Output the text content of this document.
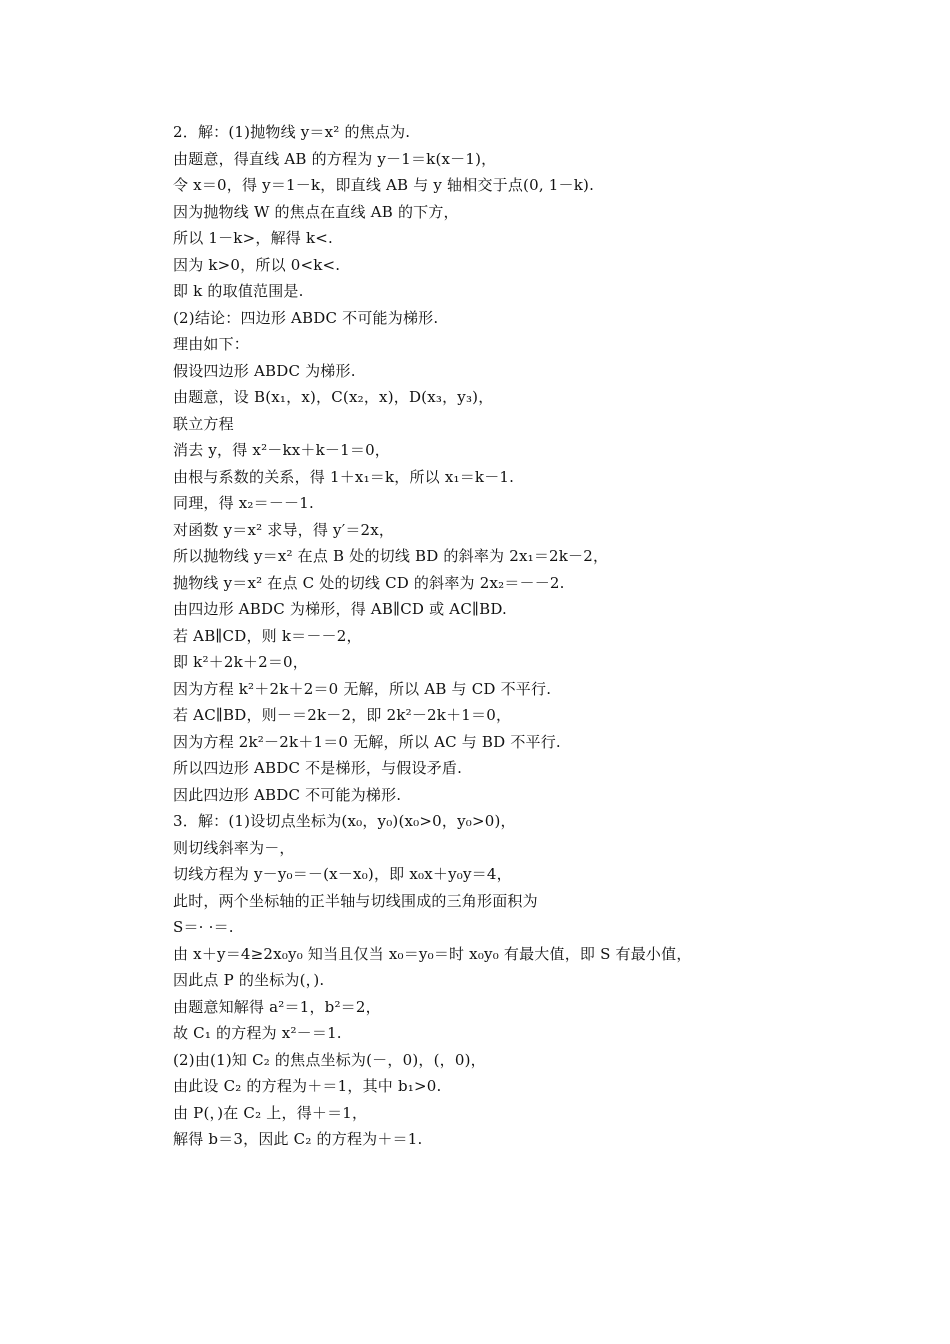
2．解：(1)抛物线 y＝x² 的焦点为.
由题意，得直线 AB 的方程为 y－1＝k(x－1)，
令 x＝0，得 y＝1－k，即直线 AB 与 y 轴相交于点(0, 1－k).
因为抛物线 W 的焦点在直线 AB 的下方，
所以 1－k>，解得 k<.
因为 k>0，所以 0<k<.
即 k 的取值范围是.
(2)结论：四边形 ABDC 不可能为梯形.
理由如下：
假设四边形 ABDC 为梯形.
由题意，设 B(x₁，x)，C(x₂，x)，D(x₃，y₃)，
联立方程
消去 y，得 x²－kx＋k－1＝0，
由根与系数的关系，得 1＋x₁＝k，所以 x₁＝k－1.
同理，得 x₂＝－－1.
对函数 y＝x² 求导，得 y′＝2x，
所以抛物线 y＝x² 在点 B 处的切线 BD 的斜率为 2x₁＝2k－2，
抛物线 y＝x² 在点 C 处的切线 CD 的斜率为 2x₂＝－－2.
由四边形 ABDC 为梯形，得 AB∥CD 或 AC∥BD.
若 AB∥CD，则 k＝－－2，
即 k²＋2k＋2＝0，
因为方程 k²＋2k＋2＝0 无解，所以 AB 与 CD 不平行.
若 AC∥BD，则－＝2k－2，即 2k²－2k＋1＝0，
因为方程 2k²－2k＋1＝0 无解，所以 AC 与 BD 不平行.
所以四边形 ABDC 不是梯形，与假设矛盾.
因此四边形 ABDC 不可能为梯形.
3．解：(1)设切点坐标为(x₀，y₀)(x₀>0，y₀>0)，
则切线斜率为－，
切线方程为 y－y₀＝－(x－x₀)，即 x₀x＋y₀y＝4，
此时，两个坐标轴的正半轴与切线围成的三角形面积为
S＝· ·＝.
由 x＋y＝4≥2x₀y₀ 知当且仅当 x₀＝y₀＝时 x₀y₀ 有最大值，即 S 有最小值，
因此点 P 的坐标为(，).
由题意知解得 a²＝1，b²＝2，
故 C₁ 的方程为 x²－＝1.
(2)由(1)知 C₂ 的焦点坐标为(－，0)，(，0)，
由此设 C₂ 的方程为＋＝1，其中 b₁>0.
由 P(，)在 C₂ 上，得＋＝1，
解得 b＝3，因此 C₂ 的方程为＋＝1.
